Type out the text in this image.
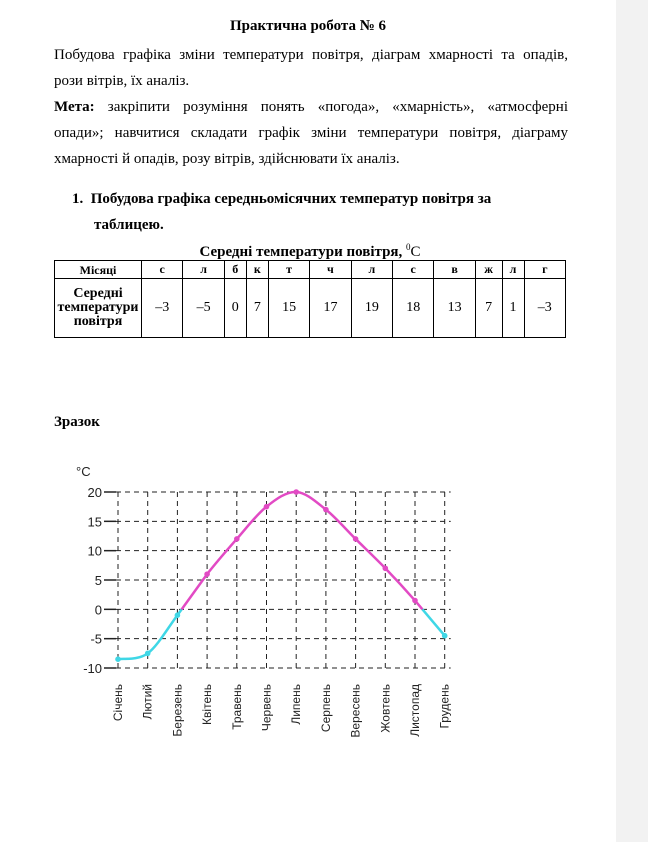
Практична робота № 6
Побудова графіка зміни температури повітря, діаграм хмарності та опадів,
рози вітрів, їх аналіз.
Мета: закріпити розуміння понять «погода», «хмарність», «атмосферні
опади»; навчитися складати графік зміни температури повітря, діаграму
хмарності й опадів, розу вітрів, здійснювати їх аналіз.
1. Побудова графіка середньомісячних температур повітря за
таблицею.
Середні температури повітря, $^0$C
Місяці	с	л	б	к	т	ч	л	с	в	ж	л	г
Середні температури повітря	–3	–5	0	7	15	17	19	18	13	7	1	–3
Зразок
°C
20
15
10
5
0
-5
-10
Січень Лютий Березень Квітень Травень Червень Липень Серпень Вересень Жовтень Листопад Грудень
